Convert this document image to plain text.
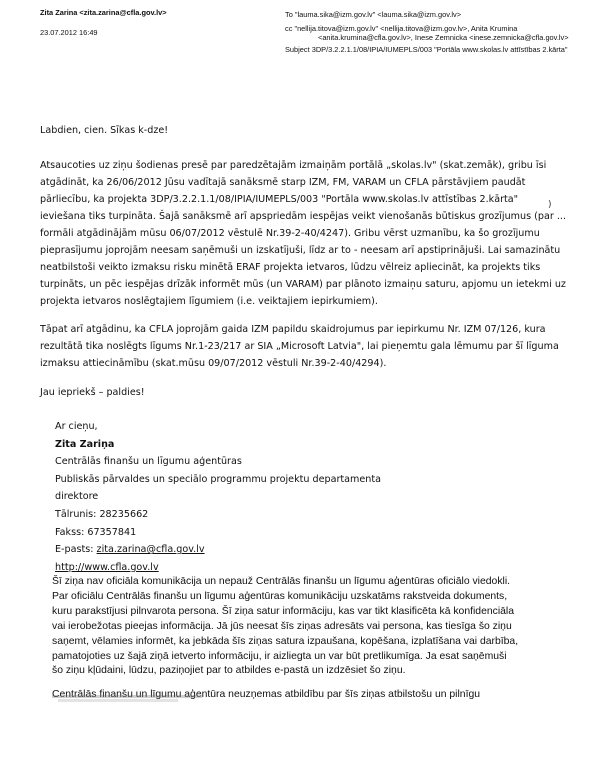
Zita Zarina <zita.zarina@cfla.gov.lv>
23.07.2012 16:49
To "lauma.sika@izm.gov.lv" <lauma.sika@izm.gov.lv>
cc "nellija.titova@izm.gov.lv" <nellija.titova@izm.gov.lv>, Anita Krumina
<anita.krumina@cfla.gov.lv>, Inese Zemnicka <inese.zemnicka@cfla.gov.lv>
Subject 3DP/3.2.2.1.1/08/IPIA/IUMEPLS/003 "Portāla www.skolas.lv attīstības 2.kārta"
Labdien, cien. Sīkas k-dze!
Atsaucoties uz ziņu šodienas presē par paredzētajām izmaiņām portālā „skolas.lv" (skat.zemāk), gribu īsi
atgādināt, ka 26/06/2012 Jūsu vadītajā sanāksmē starp IZM, FM, VARAM un CFLA pārstāvjiem paudāt
pārliecību, ka projekta 3DP/3.2.2.1.1/08/IPIA/IUMEPLS/003 "Portāla www.skolas.lv attīstības 2.kārta"
ieviešana tiks turpināta. Šajā sanāksmē arī apspriedām iespējas veikt vienošanās būtiskus grozījumus (par ...
formāli atgādinājām mūsu 06/07/2012 vēstulē Nr.39-2-40/4247). Gribu vērst uzmanību, ka šo grozījumu
pieprasījumu joprojām neesam saņēmuši un izskatījuši, līdz ar to - neesam arī apstiprinājuši. Lai samazinātu
neatbilstoši veikto izmaksu risku minētā ERAF projekta ietvaros, lūdzu vēlreiz apliecināt, ka projekts tiks
turpināts, un pēc iespējas drīzāk informēt mūs (un VARAM) par plānoto izmaiņu saturu, apjomu un ietekmi uz
projekta ietvaros noslēgtajiem līgumiem (i.e. veiktajiem iepirkumiem).
)
Tāpat arī atgādinu, ka CFLA joprojām gaida IZM papildu skaidrojumus par iepirkumu Nr. IZM 07/126, kura
rezultātā tika noslēgts līgums Nr.1-23/217 ar SIA „Microsoft Latvia", lai pieņemtu gala lēmumu par šī līguma
izmaksu attiecināmību (skat.mūsu 09/07/2012 vēstuli Nr.39-2-40/4294).
Jau iepriekš – paldies!
Ar cieņu,
Zita Zariņa
Centrālās finanšu un līgumu aģentūras
Publiskās pārvaldes un speciālo programmu projektu departamenta
direktore
Tālrunis: 28235662
Fakss: 67357841
E-pasts: zita.zarina@cfla.gov.lv
http://www.cfla.gov.lv
Šī ziņa nav oficiāla komunikācija un nepauž Centrālās finanšu un līgumu aģentūras oficiālo viedokli.
Par oficiālu Centrālās finanšu un līgumu aģentūras komunikāciju uzskatāms rakstveida dokuments,
kuru parakstījusi pilnvarota persona. Šī ziņa satur informāciju, kas var tikt klasificēta kā konfidenciāla
vai ierobežotas pieejas informācija. Jā jūs neesat šīs ziņas adresāts vai persona, kas tiesīga šo ziņu
saņemt, vēlamies informēt, ka jebkāda šīs ziņas satura izpaušana, kopēšana, izplatīšana vai darbība,
pamatojoties uz šajā ziņā ietverto informāciju, ir aizliegta un var būt pretlikumīga. Ja esat saņēmuši
šo ziņu kļūdaini, lūdzu, paziņojiet par to atbildes e-pastā un izdzēsiet šo ziņu.
Centrālās finanšu un līgumu aģentūra neuzņemas atbildību par šīs ziņas atbilstošu un pilnīgu
